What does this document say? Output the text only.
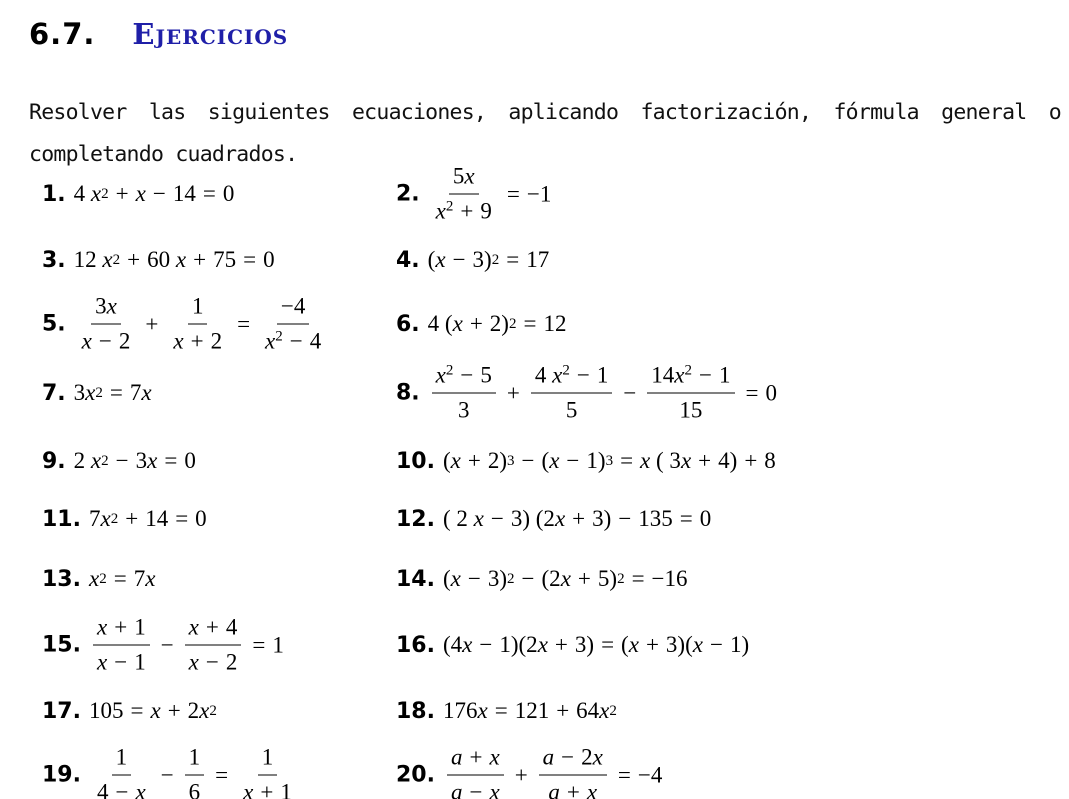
6.7. Ejercicios
Resolver las siguientes ecuaciones, aplicando factorización, fórmula general o completando cuadrados.
1. 4 x 2 + x − 14 = 0	2. $\frac{5x}{x^2 + 9} = -1$
3. 12 x 2 + 60 x + 75 = 0	4. ( x − 3) 2 = 17
5. $\frac{3x}{x - 2} + \frac{1}{x + 2} = \frac{-4}{x^2 - 4}$	6. 4 ( x + 2) 2 = 12
7. 3 x 2 = 7 x	8. $\frac{x^2 - 5}{3} + \frac{4 x^2 - 1}{5} - \frac{14x^2 - 1}{15} = 0$
9. 2 x 2 − 3 x = 0	10. ( x + 2) 3 − ( x − 1) 3 = x ( 3 x + 4) + 8
11. 7 x 2 + 14 = 0	12. ( 2 x − 3) (2 x + 3) − 135 = 0
13. x 2 = 7 x	14. ( x − 3) 2 − (2 x + 5) 2 = −16
15. $\frac{x + 1}{x - 1} - \frac{x + 4}{x - 2} = 1$	16. (4 x − 1)(2 x + 3) = ( x + 3)( x − 1)
17. 105 = x + 2 x 2	18. 176 x = 121 + 64 x 2
19. $\frac{1}{4 - x} - \frac{1}{6} = \frac{1}{x + 1}$	20. $\frac{a + x}{a - x} + \frac{a - 2x}{a + x} = -4$
